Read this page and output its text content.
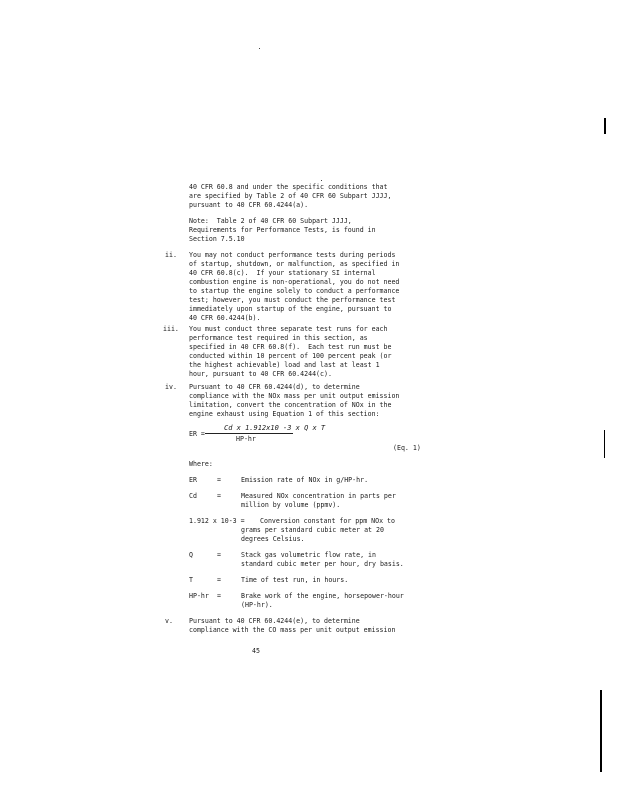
40 CFR 60.8 and under the specific conditions that
are specified by Table 2 of 40 CFR 60 Subpart JJJJ,
pursuant to 40 CFR 60.4244(a).
Note:  Table 2 of 40 CFR 60 Subpart JJJJ,
Requirements for Performance Tests, is found in
Section 7.5.10
ii. You may not conduct performance tests during periods
of startup, shutdown, or malfunction, as specified in
40 CFR 60.8(c).  If your stationary SI internal
combustion engine is non-operational, you do not need
to startup the engine solely to conduct a performance
test; however, you must conduct the performance test
immediately upon startup of the engine, pursuant to
40 CFR 60.4244(b).
iii. You must conduct three separate test runs for each
performance test required in this section, as
specified in 40 CFR 60.8(f).  Each test run must be
conducted within 10 percent of 100 percent peak (or
the highest achievable) load and last at least 1
hour, pursuant to 40 CFR 60.4244(c).
iv. Pursuant to 40 CFR 60.4244(d), to determine
compliance with the NOx mass per unit output emission
limitation, convert the concentration of NOx in the
engine exhaust using Equation 1 of this section:
ER =
Cd x 1.912x10 -3 x Q x T
HP-hr
(Eq. 1)
Where:
ER	=	Emission rate of NOx in g/HP-hr.
Cd	=	Measured NOx concentration in parts per
million by volume (ppmv).
1.912 x 10-3 = Conversion constant for ppm NOx to
grams per standard cubic meter at 20
degrees Celsius.
Q	=	Stack gas volumetric flow rate, in
standard cubic meter per hour, dry basis.
T	=	Time of test run, in hours.
HP-hr =	Brake work of the engine, horsepower-hour
(HP-hr).
v. Pursuant to 40 CFR 60.4244(e), to determine
compliance with the CO mass per unit output emission
45
